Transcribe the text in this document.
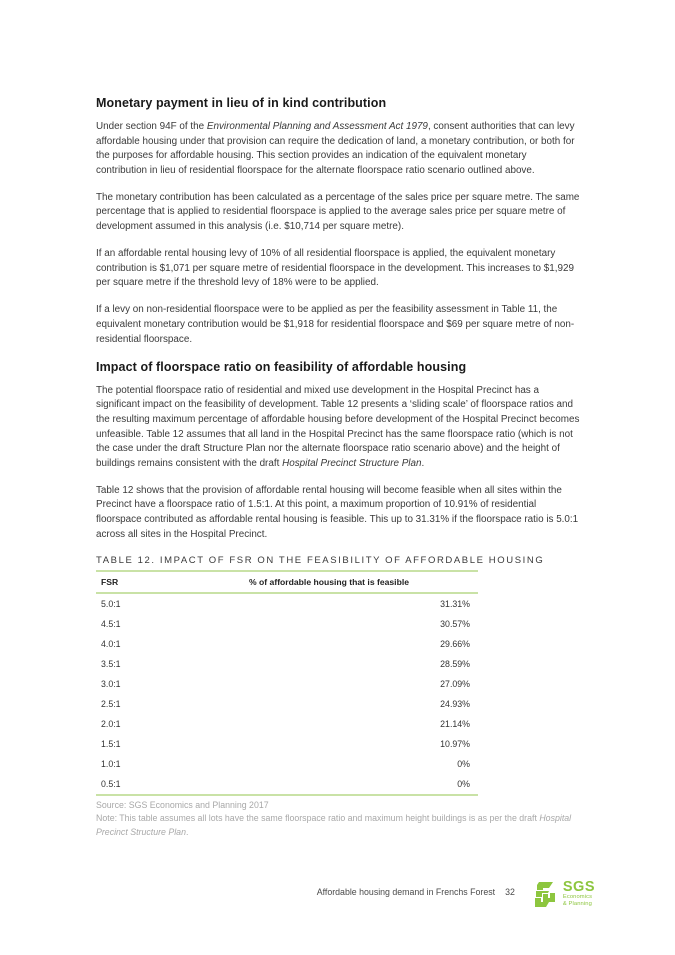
Monetary payment in lieu of in kind contribution

Under section 94F of the Environmental Planning and Assessment Act 1979, consent authorities that can levy affordable housing under that provision can require the dedication of land, a monetary contribution, or both for the purposes for affordable housing. This section provides an indication of the equivalent monetary contribution in lieu of residential floorspace for the alternate floorspace ratio scenario outlined above.

The monetary contribution has been calculated as a percentage of the sales price per square metre. The same percentage that is applied to residential floorspace is applied to the average sales price per square metre of development assumed in this analysis (i.e. $10,714 per square metre).

If an affordable rental housing levy of 10% of all residential floorspace is applied, the equivalent monetary contribution is $1,071 per square metre of residential floorspace in the development. This increases to $1,929 per square metre if the threshold levy of 18% were to be applied.

If a levy on non-residential floorspace were to be applied as per the feasibility assessment in Table 11, the equivalent monetary contribution would be $1,918 for residential floorspace and $69 per square metre of non-residential floorspace.

Impact of floorspace ratio on feasibility of affordable housing

The potential floorspace ratio of residential and mixed use development in the Hospital Precinct has a significant impact on the feasibility of development. Table 12 presents a ‘sliding scale’ of floorspace ratios and the resulting maximum percentage of affordable housing before development of the Hospital Precinct becomes unfeasible. Table 12 assumes that all land in the Hospital Precinct has the same floorspace ratio (which is not the case under the draft Structure Plan nor the alternate floorspace ratio scenario above) and the height of buildings remains consistent with the draft Hospital Precinct Structure Plan.

Table 12 shows that the provision of affordable rental housing will become feasible when all sites within the Precinct have a floorspace ratio of 1.5:1. At this point, a maximum proportion of 10.91% of residential floorspace contributed as affordable rental housing is feasible. This up to 31.31% if the floorspace ratio is 5.0:1 across all sites in the Hospital Precinct.

TABLE 12. IMPACT OF FSR ON THE FEASIBILITY OF AFFORDABLE HOUSING
FSR	% of affordable housing that is feasible
5.0:1	31.31%
4.5:1	30.57%
4.0:1	29.66%
3.5:1	28.59%
3.0:1	27.09%
2.5:1	24.93%
2.0:1	21.14%
1.5:1	10.97%
1.0:1	0%
0.5:1	0%

Source: SGS Economics and Planning 2017

Note: This table assumes all lots have the same floorspace ratio and maximum height buildings is as per the draft Hospital Precinct Structure Plan.

Affordable housing demand in Frenchs Forest 32	SGS
Economics
& Planning
